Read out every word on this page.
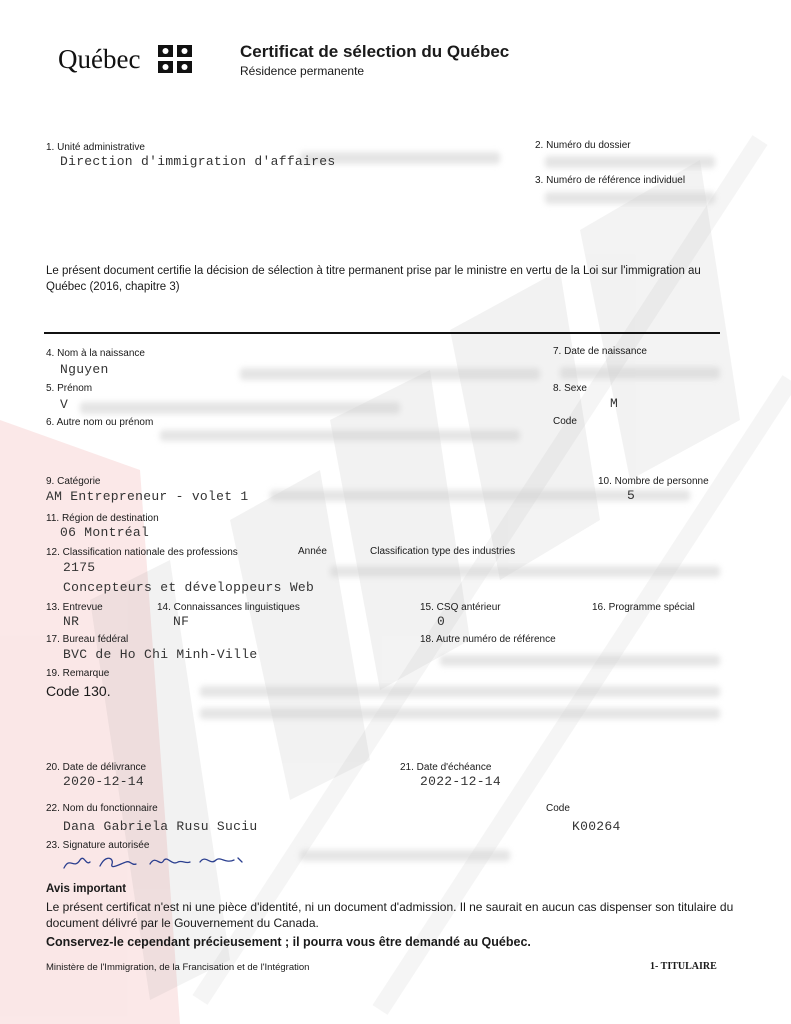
Québec	Certificat de sélection du Québec
Résidence permanente
1. Unité administrative
Direction d'immigration d'affaires
2. Numéro du dossier
3. Numéro de référence individuel
Le présent document certifie la décision de sélection à titre permanent prise par le ministre en vertu de la Loi sur l'immigration au Québec (2016, chapitre 3)
4. Nom à la naissance
Nguyen
5. Prénom
V
6. Autre nom ou prénom
7. Date de naissance
8. Sexe
M
Code
9. Catégorie
AM Entrepreneur - volet 1
10. Nombre de personne
5
11. Région de destination
06 Montréal
12. Classification nationale des professions	Année	Classification type des industries
2175
Concepteurs et développeurs Web
13. Entrevue
NR
14. Connaissances linguistiques
NF
15. CSQ antérieur
0
16. Programme spécial
17. Bureau fédéral
BVC de Ho Chi Minh-Ville
18. Autre numéro de référence
19. Remarque
Code 130.
20. Date de délivrance
2020-12-14
21. Date d'échéance
2022-12-14
22. Nom du fonctionnaire
Dana Gabriela Rusu Suciu
Code
K00264
23. Signature autorisée
Avis important
Le présent certificat n'est ni une pièce d'identité, ni un document d'admission. Il ne saurait en aucun cas dispenser son titulaire du document délivré par le Gouvernement du Canada.
Conservez-le cependant précieusement ; il pourra vous être demandé au Québec.
Ministère de l'Immigration, de la Francisation et de l'Intégration	1- TITULAIRE
